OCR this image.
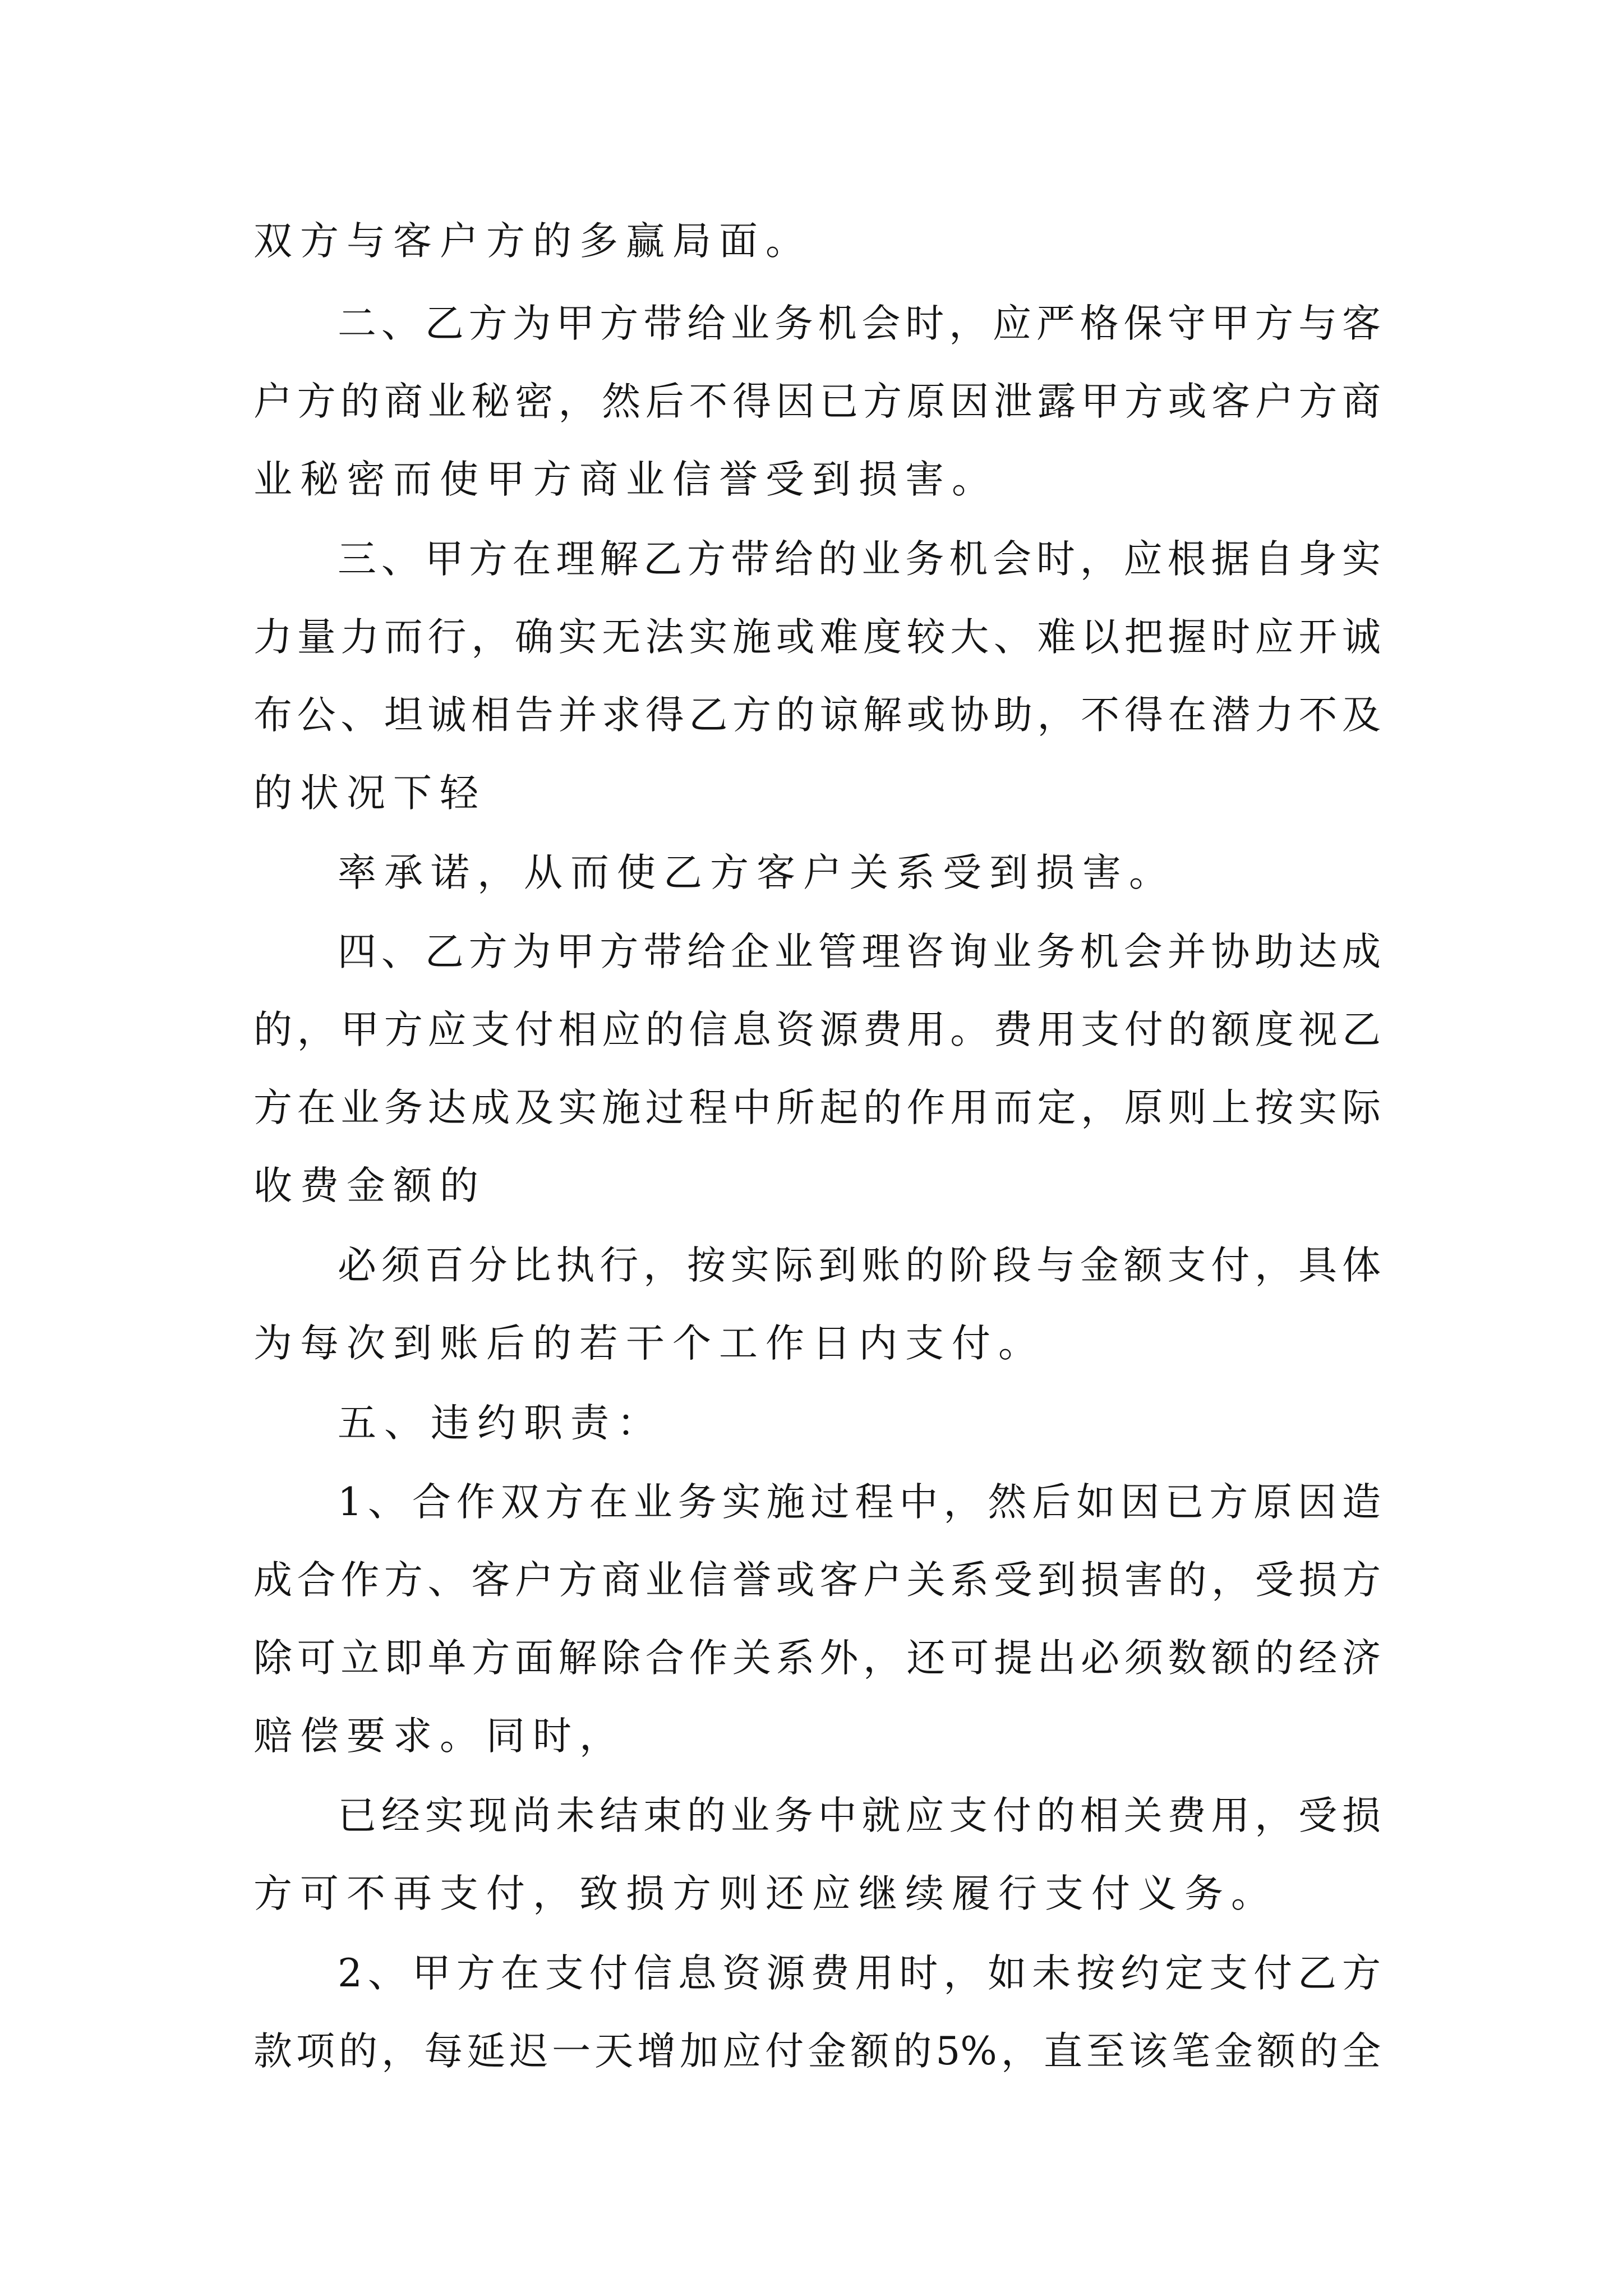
双方与客户方的多赢局面。
二、乙方为甲方带给业务机会时，应严格保守甲方与客
户方的商业秘密，然后不得因已方原因泄露甲方或客户方商
业秘密而使甲方商业信誉受到损害。
三、甲方在理解乙方带给的业务机会时，应根据自身实
力量力而行，确实无法实施或难度较大、难以把握时应开诚
布公、坦诚相告并求得乙方的谅解或协助，不得在潜力不及
的状况下轻
率承诺，从而使乙方客户关系受到损害。
四、乙方为甲方带给企业管理咨询业务机会并协助达成
的，甲方应支付相应的信息资源费用。费用支付的额度视乙
方在业务达成及实施过程中所起的作用而定，原则上按实际
收费金额的
必须百分比执行，按实际到账的阶段与金额支付，具体
为每次到账后的若干个工作日内支付。
五、违约职责：
1、合作双方在业务实施过程中，然后如因已方原因造
成合作方、客户方商业信誉或客户关系受到损害的，受损方
除可立即单方面解除合作关系外，还可提出必须数额的经济
赔偿要求。同时，
已经实现尚未结束的业务中就应支付的相关费用，受损
方可不再支付，致损方则还应继续履行支付义务。
2、甲方在支付信息资源费用时，如未按约定支付乙方
款项的，每延迟一天增加应付金额的5%，直至该笔金额的全
